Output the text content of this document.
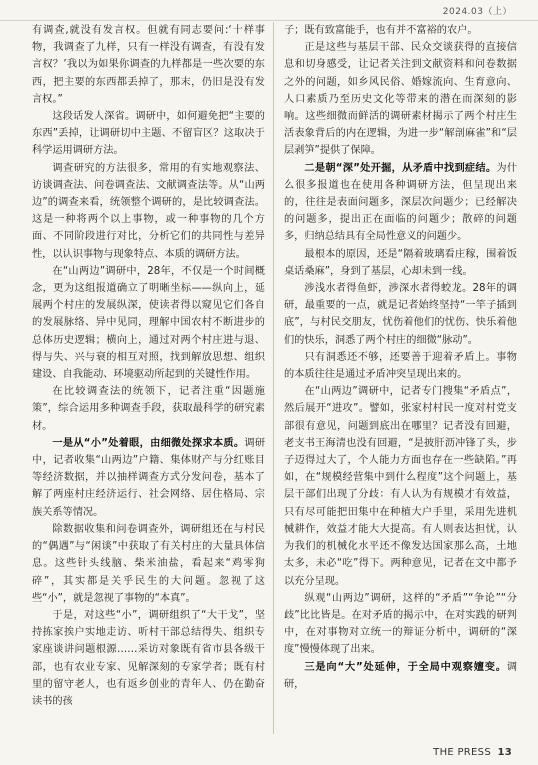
2024.03（上）

有调查,就没有发言权。但就有同志要问:‘十样事物，我调查了九样，只有一样没有调查，有没有发言权？’我以为如果你调查的九样都是一些次要的东西，把主要的东西都丢掉了，那末，仍旧是没有发言权。”

这段话发人深省。调研中，如何避免把“主要的东西”丢掉，让调研切中主题、不留盲区？这取决于科学运用调研方法。

调查研究的方法很多，常用的有实地观察法、访谈调查法、问卷调查法、文献调查法等。从“山两边”的调查来看，统领整个调研的，是比较调查法。这是一种将两个以上事物，或一种事物的几个方面、不同阶段进行对比，分析它们的共同性与差异性，以认识事物与现象特点、本质的调研方法。

在“山两边”调研中，28年，不仅是一个时间概念，更为这组报道确立了明晰坐标——纵向上，延展两个村庄的发展纵深，使读者得以窥见它们各自的发展脉络、异中见同，理解中国农村不断进步的总体历史逻辑；横向上，通过对两个村庄进与退、得与失、兴与衰的相互对照，找到解放思想、组织建设、自我能动、环境驱动所起到的关键性作用。

在比较调查法的统领下，记者注重“因题施策”，综合运用多种调查手段，获取最科学的研究素材。

一是从“小”处着眼，由细微处探求本质。调研中，记者收集“山两边”户籍、集体财产与分红账目等经济数据，并以抽样调查方式分发问卷，基本了解了两座村庄经济运行、社会网络、居住格局、宗族关系等情况。

除数据收集和问卷调查外，调研组还在与村民的“偶遇”与“闲谈”中获取了有关村庄的大量具体信息。这些针头线脑、柴米油盐，看起来“鸡零狗碎”，其实都是关乎民生的大问题。忽视了这些“小”，就是忽视了事物的“本真”。

于是，对这些“小”，调研组织了“大干戈”，坚持拣家挨户实地走访、听村干部总结得失、组织专家座谈讲问题根源……采访对象既有省市县各级干部，也有农业专家、见解深刻的专家学者；既有村里的留守老人，也有返乡创业的青年人、仍在勤奋读书的孩

子；既有致富能手，也有并不富裕的农户。

正是这些与基层干部、民众交谈获得的直接信息和切身感受，让记者关注到文献资料和问卷数据之外的问题，如乡风民俗、婚嫁流向、生育意向、人口素质乃至历史文化等带来的潜在而深刻的影响。这些细微而鲜活的调研素材揭示了两个村庄生活表象背后的内在逻辑，为进一步“解剖麻雀”和“层层剥笋”提供了保障。

二是朝“深”处开掘，从矛盾中找到症结。为什么很多报道也在使用各种调研方法，但呈现出来的，往往是表面问题多，深层次问题少；已经解决的问题多，提出正在面临的问题少；散碎的问题多，归纳总结具有全局性意义的问题少。

最根本的原因，还是“隔着玻璃看庄稼，围着饭桌话桑麻”，身到了基层，心却未到一线。

涉浅水者得鱼虾，涉深水者得蛟龙。28年的调研，最重要的一点，就是记者始终坚持“一竿子插到底”，与村民交朋友，忧伤着他们的忧伤、快乐着他们的快乐，洞悉了两个村庄的细微“脉动”。

只有洞悉还不够，还要善于迎着矛盾上。事物的本质往往是通过矛盾冲突呈现出来的。

在“山两边”调研中，记者专门搜集“矛盾点”，然后展开“进攻”。譬如，张家村村民一度对村党支部很有意见，问题到底出在哪里？记者没有回避，老支书王海清也没有回避，“是披肝沥冲锋了头，步子迈得过大了，个人能力方面也存在一些缺陷。”再如，在“规模经营集中到什么程度”这个问题上，基层干部们出现了分歧：有人认为有规模才有效益，只有尽可能把田集中在种植大户手里，采用先进机械耕作，效益才能大大提高。有人则表达担忧，认为我们的机械化水平还不像发达国家那么高，土地太多，未必“吃”得下。两种意见，记者在文中都予以充分呈现。

纵观“山两边”调研，这样的“矛盾”“争论”“分歧”比比皆是。在对矛盾的揭示中，在对实践的研判中，在对事物对立统一的辩证分析中，调研的“深度”慢慢体现了出来。

三是向“大”处延伸，于全局中观察嬗变。调研，

THE PRESS 13
